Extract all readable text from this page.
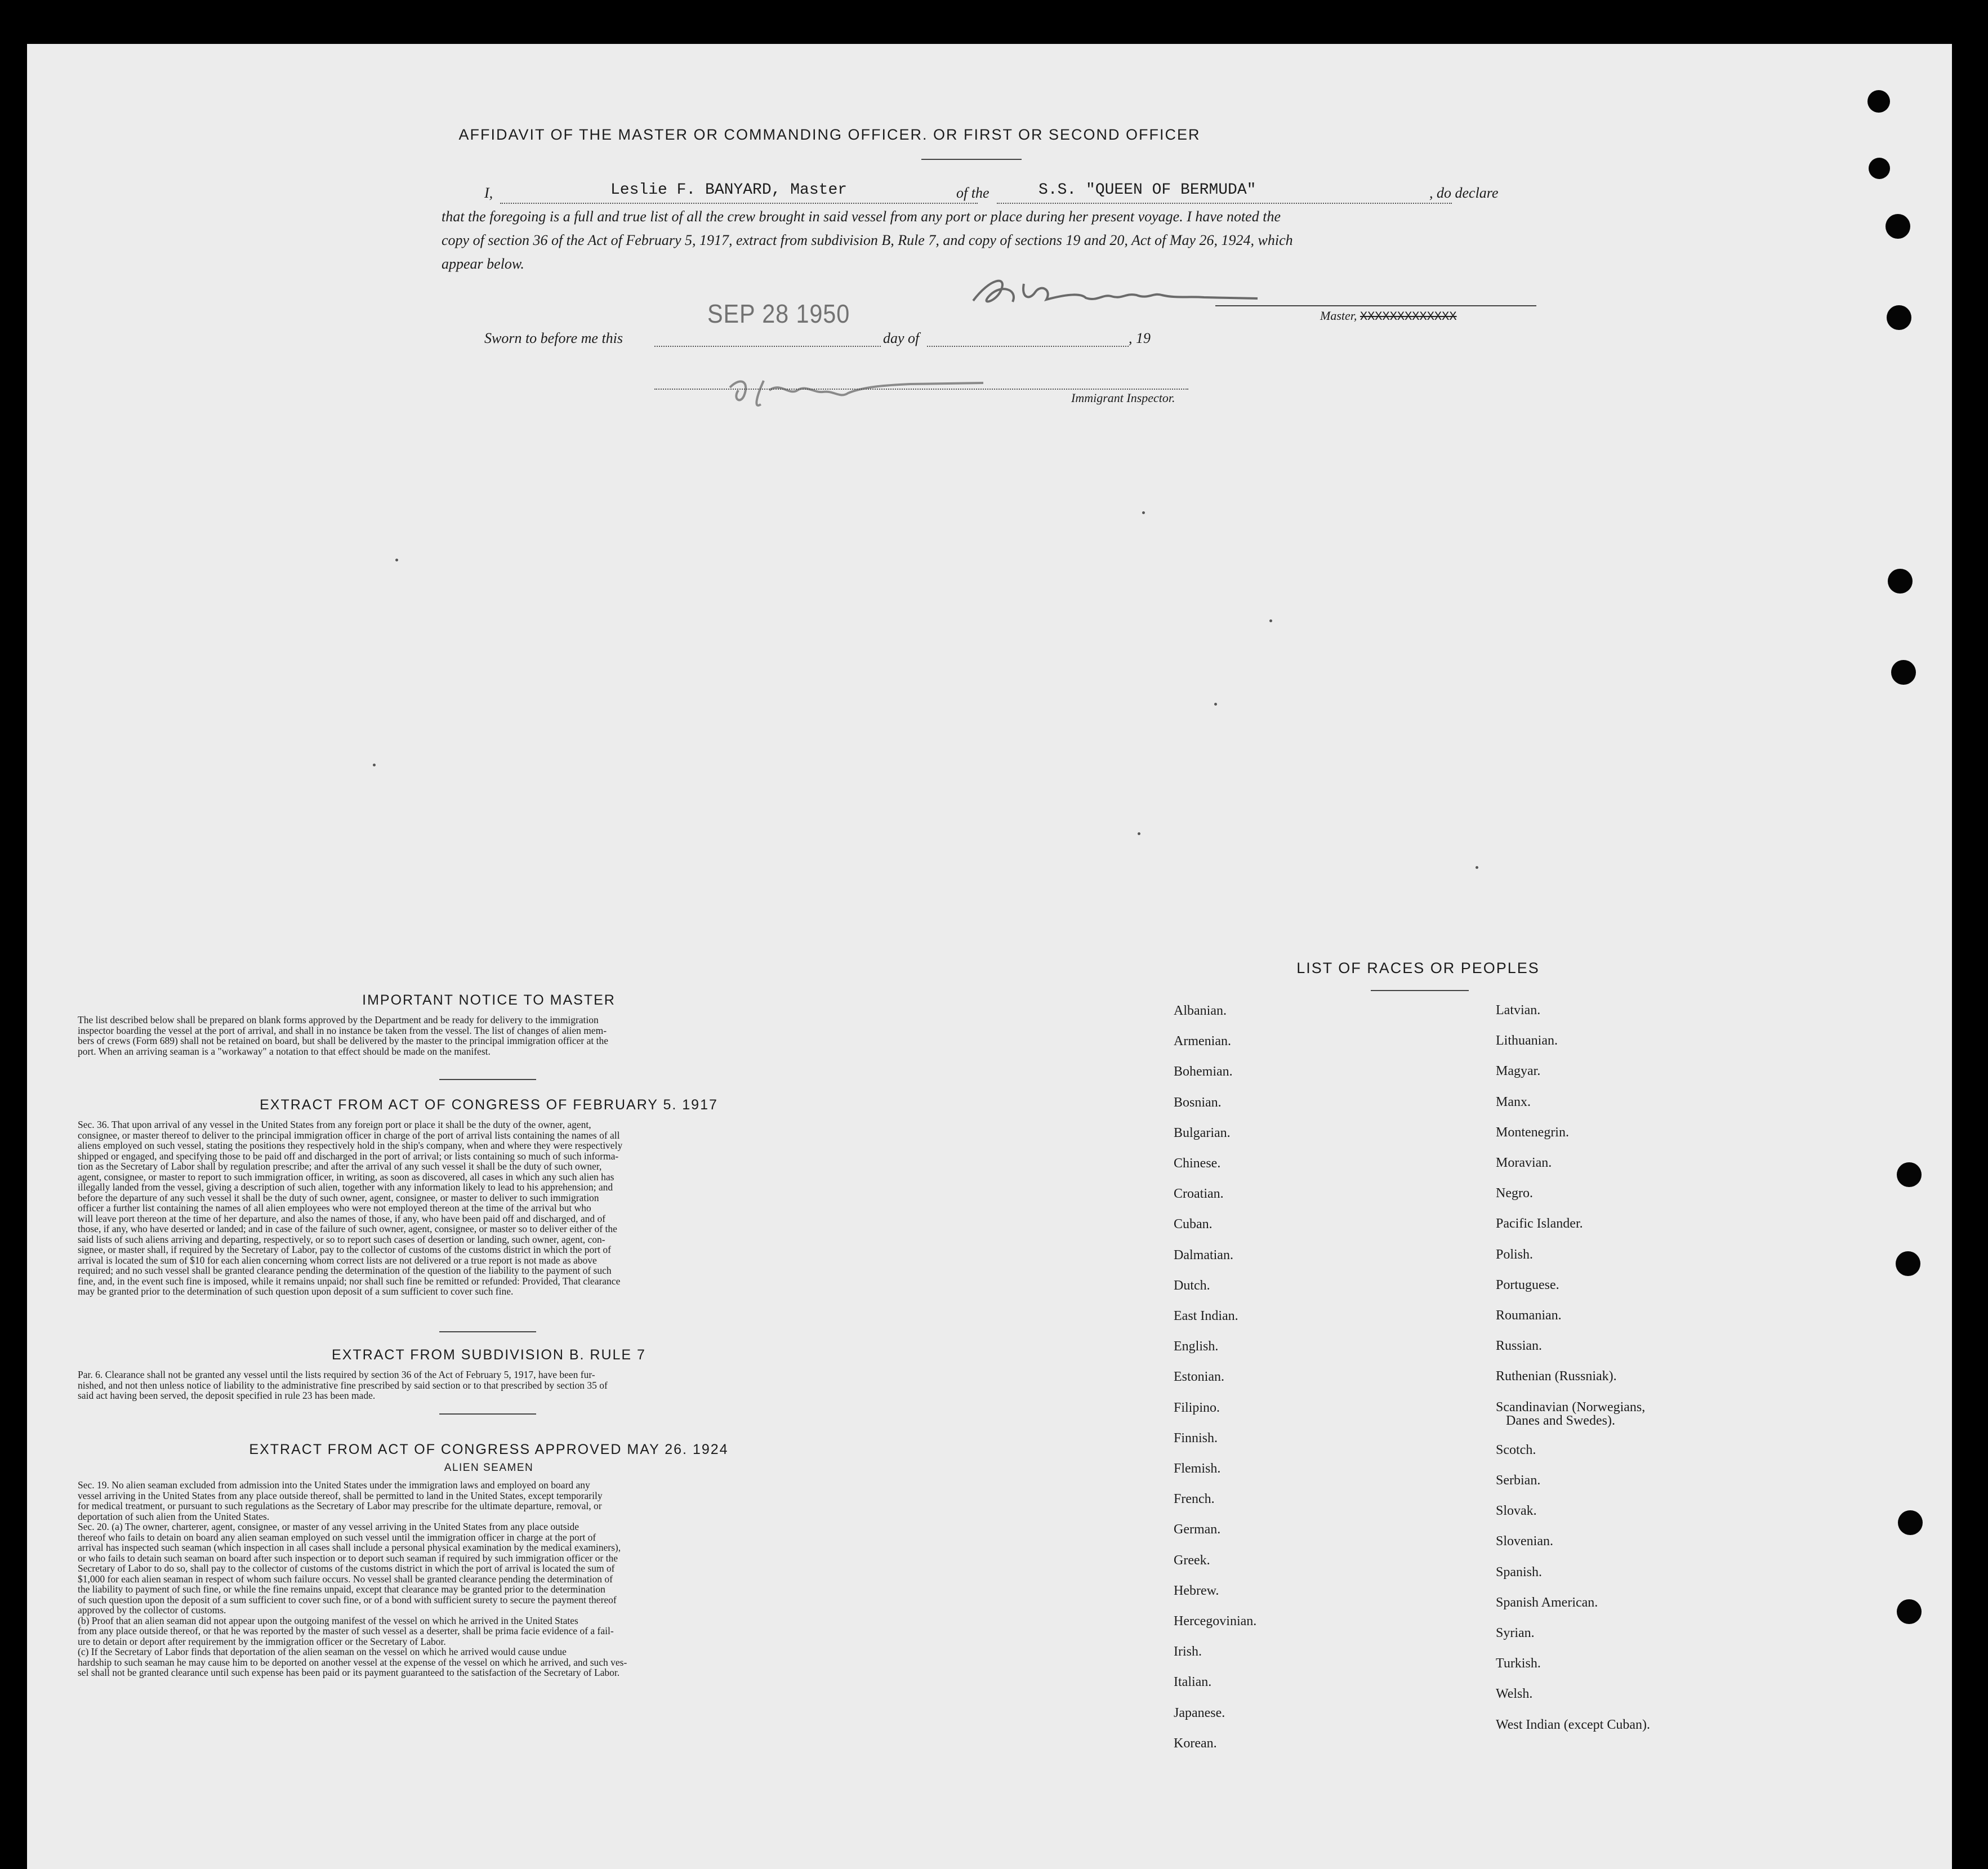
AFFIDAVIT OF THE MASTER OR COMMANDING OFFICER. OR FIRST OR SECOND OFFICER
I,	Leslie F. BANYARD, Master	of the	S.S. "QUEEN OF BERMUDA"	, do declare
that the foregoing is a full and true list of all the crew brought in said vessel from any port or place during her present voyage. I have noted the
copy of section 36 of the Act of February 5, 1917, extract from subdivision B, Rule 7, and copy of sections 19 and 20, Act of May 26, 1924, which
appear below.
Master, XXXXXXXXXXXXX
SEP 28 1950
Sworn to before me this	day of	, 19
Immigrant Inspector.
IMPORTANT NOTICE TO MASTER
The list described below shall be prepared on blank forms approved by the Department and be ready for delivery to the immigration
inspector boarding the vessel at the port of arrival, and shall in no instance be taken from the vessel. The list of changes of alien mem-
bers of crews (Form 689) shall not be retained on board, but shall be delivered by the master to the principal immigration officer at the
port. When an arriving seaman is a "workaway" a notation to that effect should be made on the manifest.
EXTRACT FROM ACT OF CONGRESS OF FEBRUARY 5. 1917
Sec. 36. That upon arrival of any vessel in the United States from any foreign port or place it shall be the duty of the owner, agent,
consignee, or master thereof to deliver to the principal immigration officer in charge of the port of arrival lists containing the names of all
aliens employed on such vessel, stating the positions they respectively hold in the ship's company, when and where they were respectively
shipped or engaged, and specifying those to be paid off and discharged in the port of arrival; or lists containing so much of such informa-
tion as the Secretary of Labor shall by regulation prescribe; and after the arrival of any such vessel it shall be the duty of such owner,
agent, consignee, or master to report to such immigration officer, in writing, as soon as discovered, all cases in which any such alien has
illegally landed from the vessel, giving a description of such alien, together with any information likely to lead to his apprehension; and
before the departure of any such vessel it shall be the duty of such owner, agent, consignee, or master to deliver to such immigration
officer a further list containing the names of all alien employees who were not employed thereon at the time of the arrival but who
will leave port thereon at the time of her departure, and also the names of those, if any, who have been paid off and discharged, and of
those, if any, who have deserted or landed; and in case of the failure of such owner, agent, consignee, or master so to deliver either of the
said lists of such aliens arriving and departing, respectively, or so to report such cases of desertion or landing, such owner, agent, con-
signee, or master shall, if required by the Secretary of Labor, pay to the collector of customs of the customs district in which the port of
arrival is located the sum of $10 for each alien concerning whom correct lists are not delivered or a true report is not made as above
required; and no such vessel shall be granted clearance pending the determination of the question of the liability to the payment of such
fine, and, in the event such fine is imposed, while it remains unpaid; nor shall such fine be remitted or refunded: Provided, That clearance
may be granted prior to the determination of such question upon deposit of a sum sufficient to cover such fine.
EXTRACT FROM SUBDIVISION B. RULE 7
Par. 6. Clearance shall not be granted any vessel until the lists required by section 36 of the Act of February 5, 1917, have been fur-
nished, and not then unless notice of liability to the administrative fine prescribed by said section or to that prescribed by section 35 of
said act having been served, the deposit specified in rule 23 has been made.
EXTRACT FROM ACT OF CONGRESS APPROVED MAY 26. 1924
ALIEN SEAMEN
Sec. 19. No alien seaman excluded from admission into the United States under the immigration laws and employed on board any
vessel arriving in the United States from any place outside thereof, shall be permitted to land in the United States, except temporarily
for medical treatment, or pursuant to such regulations as the Secretary of Labor may prescribe for the ultimate departure, removal, or
deportation of such alien from the United States.
Sec. 20. (a) The owner, charterer, agent, consignee, or master of any vessel arriving in the United States from any place outside
thereof who fails to detain on board any alien seaman employed on such vessel until the immigration officer in charge at the port of
arrival has inspected such seaman (which inspection in all cases shall include a personal physical examination by the medical examiners),
or who fails to detain such seaman on board after such inspection or to deport such seaman if required by such immigration officer or the
Secretary of Labor to do so, shall pay to the collector of customs of the customs district in which the port of arrival is located the sum of
$1,000 for each alien seaman in respect of whom such failure occurs. No vessel shall be granted clearance pending the determination of
the liability to payment of such fine, or while the fine remains unpaid, except that clearance may be granted prior to the determination
of such question upon the deposit of a sum sufficient to cover such fine, or of a bond with sufficient surety to secure the payment thereof
approved by the collector of customs.
(b) Proof that an alien seaman did not appear upon the outgoing manifest of the vessel on which he arrived in the United States
from any place outside thereof, or that he was reported by the master of such vessel as a deserter, shall be prima facie evidence of a fail-
ure to detain or deport after requirement by the immigration officer or the Secretary of Labor.
(c) If the Secretary of Labor finds that deportation of the alien seaman on the vessel on which he arrived would cause undue
hardship to such seaman he may cause him to be deported on another vessel at the expense of the vessel on which he arrived, and such ves-
sel shall not be granted clearance until such expense has been paid or its payment guaranteed to the satisfaction of the Secretary of Labor.
LIST OF RACES OR PEOPLES
Albanian.
Armenian.
Bohemian.
Bosnian.
Bulgarian.
Chinese.
Croatian.
Cuban.
Dalmatian.
Dutch.
East Indian.
English.
Estonian.
Filipino.
Finnish.
Flemish.
French.
German.
Greek.
Hebrew.
Hercegovinian.
Irish.
Italian.
Japanese.
Korean.
Latvian.
Lithuanian.
Magyar.
Manx.
Montenegrin.
Moravian.
Negro.
Pacific Islander.
Polish.
Portuguese.
Roumanian.
Russian.
Ruthenian (Russniak).
Scandinavian (Norwegians,
Danes and Swedes).
Scotch.
Serbian.
Slovak.
Slovenian.
Spanish.
Spanish American.
Syrian.
Turkish.
Welsh.
West Indian (except Cuban).
